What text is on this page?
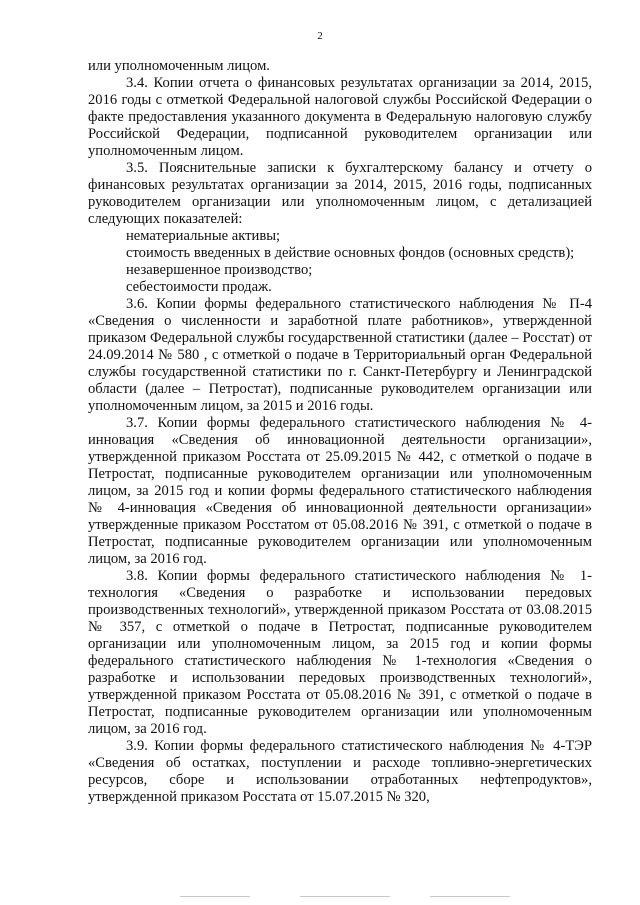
2

или уполномоченным лицом.

3.4. Копии отчета о финансовых результатах организации за 2014, 2015, 2016 годы с отметкой Федеральной налоговой службы Российской Федерации о факте предоставления указанного документа в Федеральную налоговую службу Российской Федерации, подписанной руководителем организации или уполномоченным лицом.

3.5. Пояснительные записки к бухгалтерскому балансу и отчету о финансовых результатах организации за 2014, 2015, 2016 годы, подписанных руководителем организации или уполномоченным лицом, с детализацией следующих показателей:

нематериальные активы;

стоимость введенных в действие основных фондов (основных средств);

незавершенное производство;

себестоимости продаж.

3.6. Копии формы федерального статистического наблюдения № П-4 «Сведения о численности и заработной плате работников», утвержденной приказом Федеральной службы государственной статистики (далее – Росстат) от 24.09.2014 № 580 , с отметкой о подаче в Территориальный орган Федеральной службы государственной статистики по г. Санкт-Петербургу и Ленинградской области (далее – Петростат), подписанные руководителем организации или уполномоченным лицом, за 2015 и 2016 годы.

3.7. Копии формы федерального статистического наблюдения № 4-инновация «Сведения об инновационной деятельности организации», утвержденной приказом Росстата от 25.09.2015 № 442, с отметкой о подаче в Петростат, подписанные руководителем организации или уполномоченным лицом, за 2015 год и копии формы федерального статистического наблюдения № 4-инновация «Сведения об инновационной деятельности организации» утвержденные приказом Росстатом от 05.08.2016 № 391, с отметкой о подаче в Петростат, подписанные руководителем организации или уполномоченным лицом, за 2016 год.

3.8. Копии формы федерального статистического наблюдения № 1-технология «Сведения о разработке и использовании передовых производственных технологий», утвержденной приказом Росстата от 03.08.2015 № 357, с отметкой о подаче в Петростат, подписанные руководителем организации или уполномоченным лицом, за 2015 год и копии формы федерального статистического наблюдения № 1-технология «Сведения о разработке и использовании передовых производственных технологий», утвержденной приказом Росстата от 05.08.2016 № 391, с отметкой о подаче в Петростат, подписанные руководителем организации или уполномоченным лицом, за 2016 год.

3.9. Копии формы федерального статистического наблюдения № 4-ТЭР «Сведения об остатках, поступлении и расходе топливно-энергетических ресурсов, сборе и использовании отработанных нефтепродуктов», утвержденной приказом Росстата от 15.07.2015 № 320,
